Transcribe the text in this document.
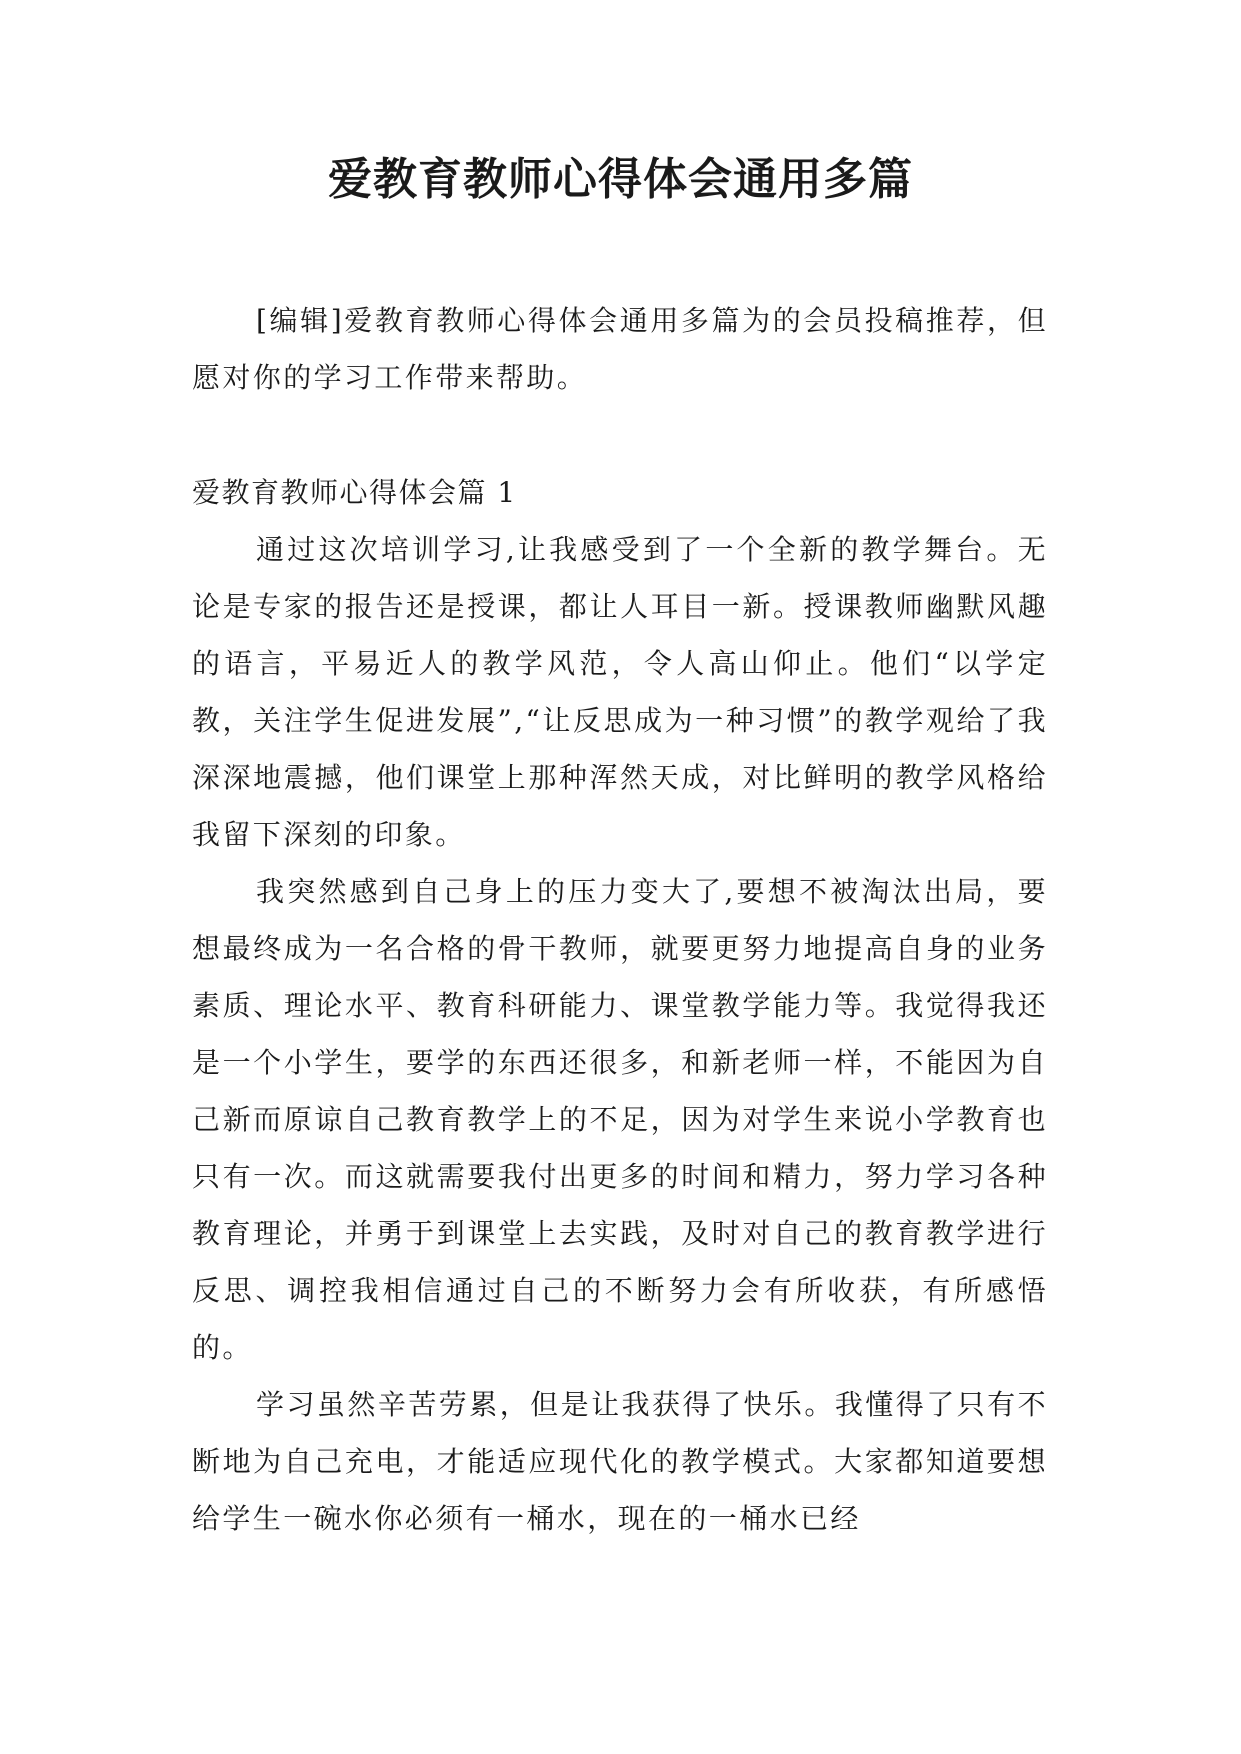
爱教育教师心得体会通用多篇

[编辑]爱教育教师心得体会通用多篇为的会员投稿推荐，但愿对你的学习工作带来帮助。

爱教育教师心得体会篇 1

通过这次培训学习,让我感受到了一个全新的教学舞台。无论是专家的报告还是授课，都让人耳目一新。授课教师幽默风趣的语言，平易近人的教学风范，令人高山仰止。他们“以学定教，关注学生促进发展”,“让反思成为一种习惯”的教学观给了我深深地震撼，他们课堂上那种浑然天成，对比鲜明的教学风格给我留下深刻的印象。

我突然感到自己身上的压力变大了,要想不被淘汰出局，要想最终成为一名合格的骨干教师，就要更努力地提高自身的业务素质、理论水平、教育科研能力、课堂教学能力等。我觉得我还是一个小学生，要学的东西还很多，和新老师一样，不能因为自己新而原谅自己教育教学上的不足，因为对学生来说小学教育也只有一次。而这就需要我付出更多的时间和精力，努力学习各种教育理论，并勇于到课堂上去实践，及时对自己的教育教学进行反思、调控我相信通过自己的不断努力会有所收获，有所感悟的。

学习虽然辛苦劳累，但是让我获得了快乐。我懂得了只有不断地为自己充电，才能适应现代化的教学模式。大家都知道要想给学生一碗水你必须有一桶水，现在的一桶水已经
